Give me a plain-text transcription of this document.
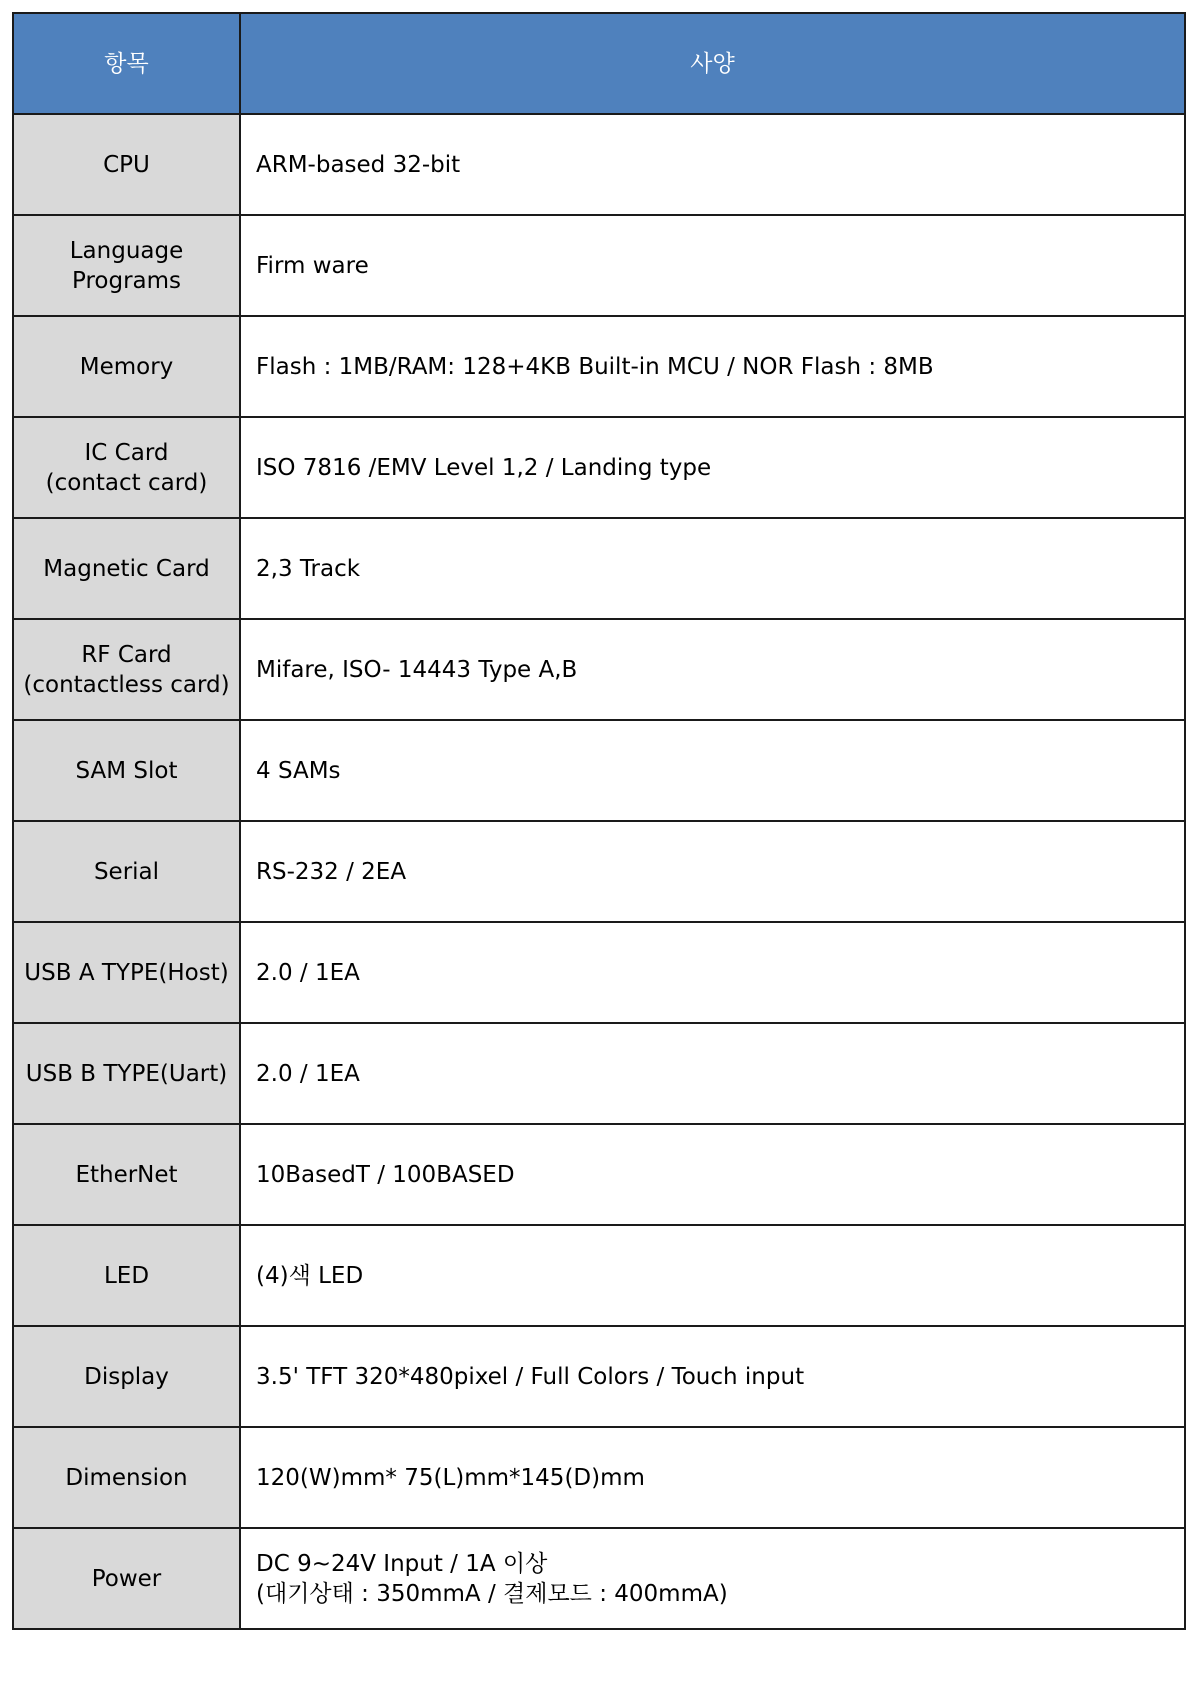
항목	사양

CPU	ARM-based 32-bit

Language
Programs	Firm ware

Memory	Flash : 1MB/RAM: 128+4KB Built-in MCU / NOR Flash : 8MB

IC Card
(contact card)	ISO 7816 /EMV Level 1,2 / Landing type

Magnetic Card	2,3 Track

RF Card
(contactless card)	Mifare, ISO- 14443 Type A,B

SAM Slot	4 SAMs

Serial	RS-232 / 2EA

USB A TYPE(Host)	2.0 / 1EA

USB B TYPE(Uart)	2.0 / 1EA

EtherNet	10BasedT / 100BASED

LED	(4)색 LED

Display	3.5' TFT 320*480pixel / Full Colors / Touch input

Dimension	120(W)mm* 75(L)mm*145(D)mm

Power	DC 9~24V Input / 1A 이상
(대기상태 : 350mmA / 결제모드 : 400mmA)
